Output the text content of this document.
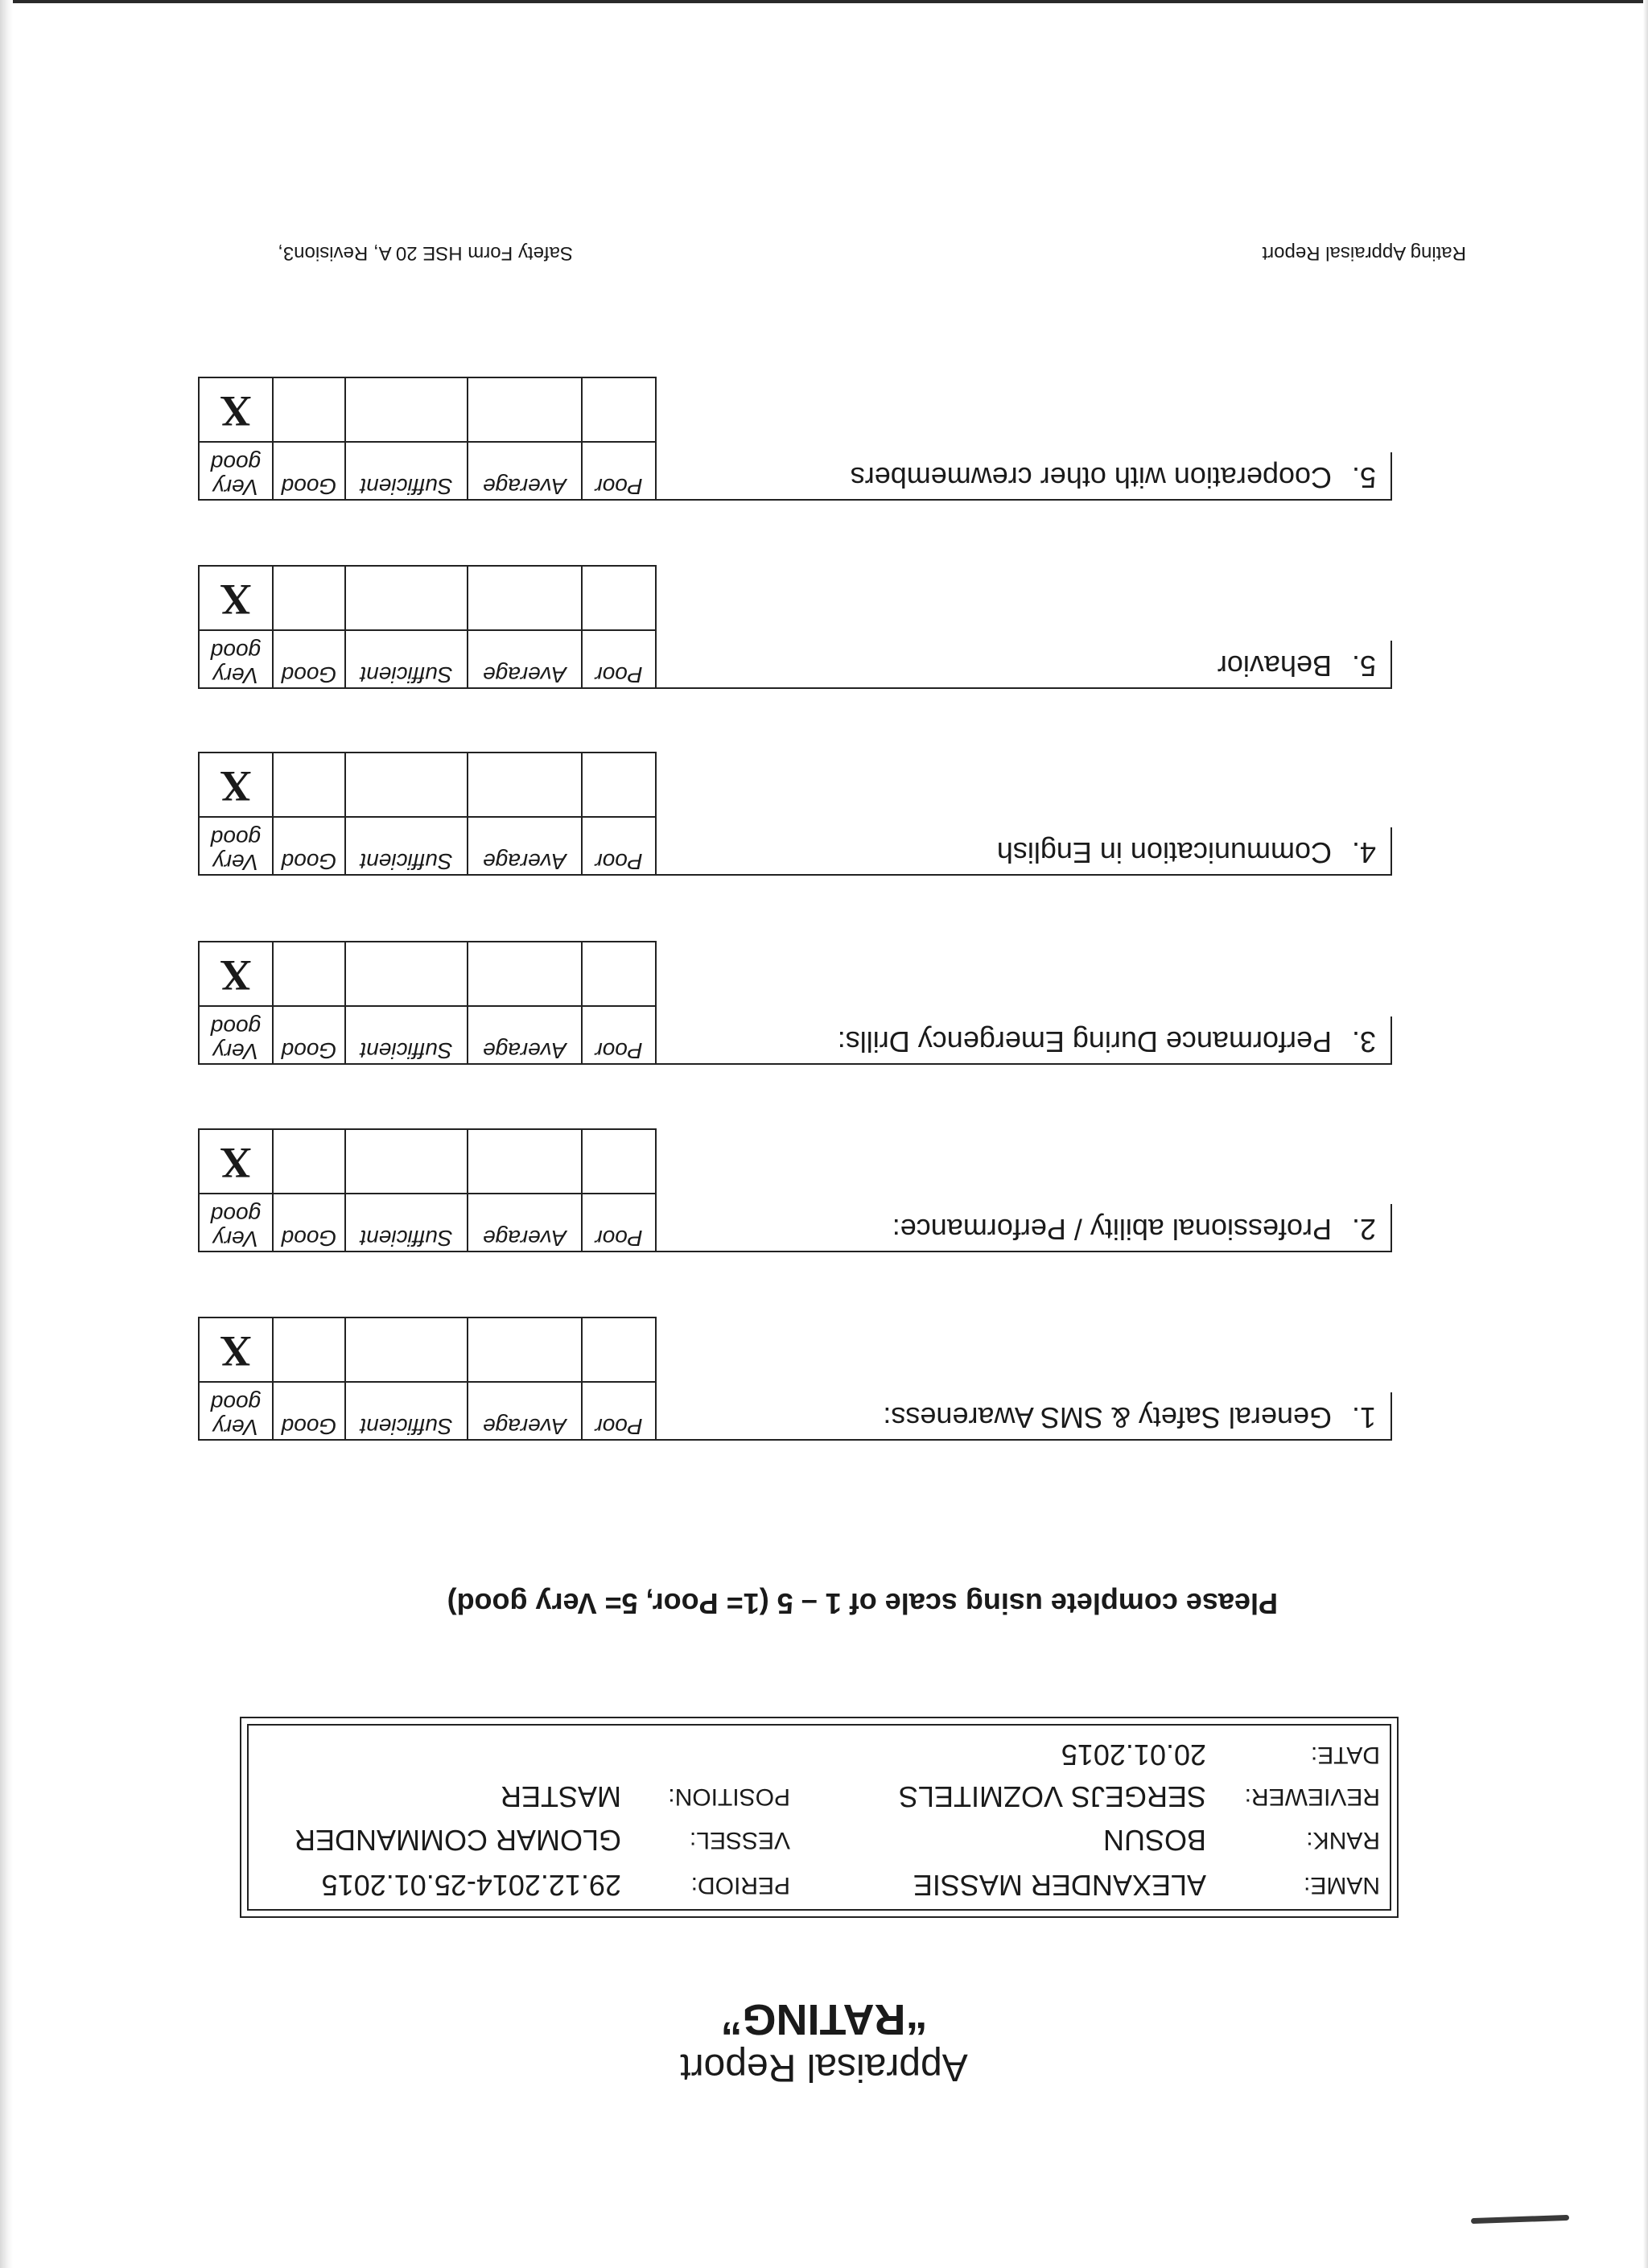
Appraisal Report
“RATING”
NAME:
ALEXANDER MASSIE
PERIOD:
29.12.2014-25.01.2015
RANK:
BOSUN
VESSEL:
GLOMAR COMMANDER
REVIEWER:
SERGEJS VOZMITELS
POSITION:
MASTER
DATE:
20.01.2015
Please complete using scale of 1 – 5 (1= Poor, 5= Very good)
1.General Safety & SMS Awareness:
Poor	Average	Sufficient	Good	Very good
				X
2.Professional ability / Performance:
Poor	Average	Sufficient	Good	Very good
				X
3.Performance During Emergency Drills:
Poor	Average	Sufficient	Good	Very good
				X
4.Communication in English
Poor	Average	Sufficient	Good	Very good
				X
5.Behavior
Poor	Average	Sufficient	Good	Very good
				X
5.Cooperation with other crewmembers
Poor	Average	Sufficient	Good	Very good
				X
Rating Appraisal Report
Safety Form HSE 20 A, Revision3,
